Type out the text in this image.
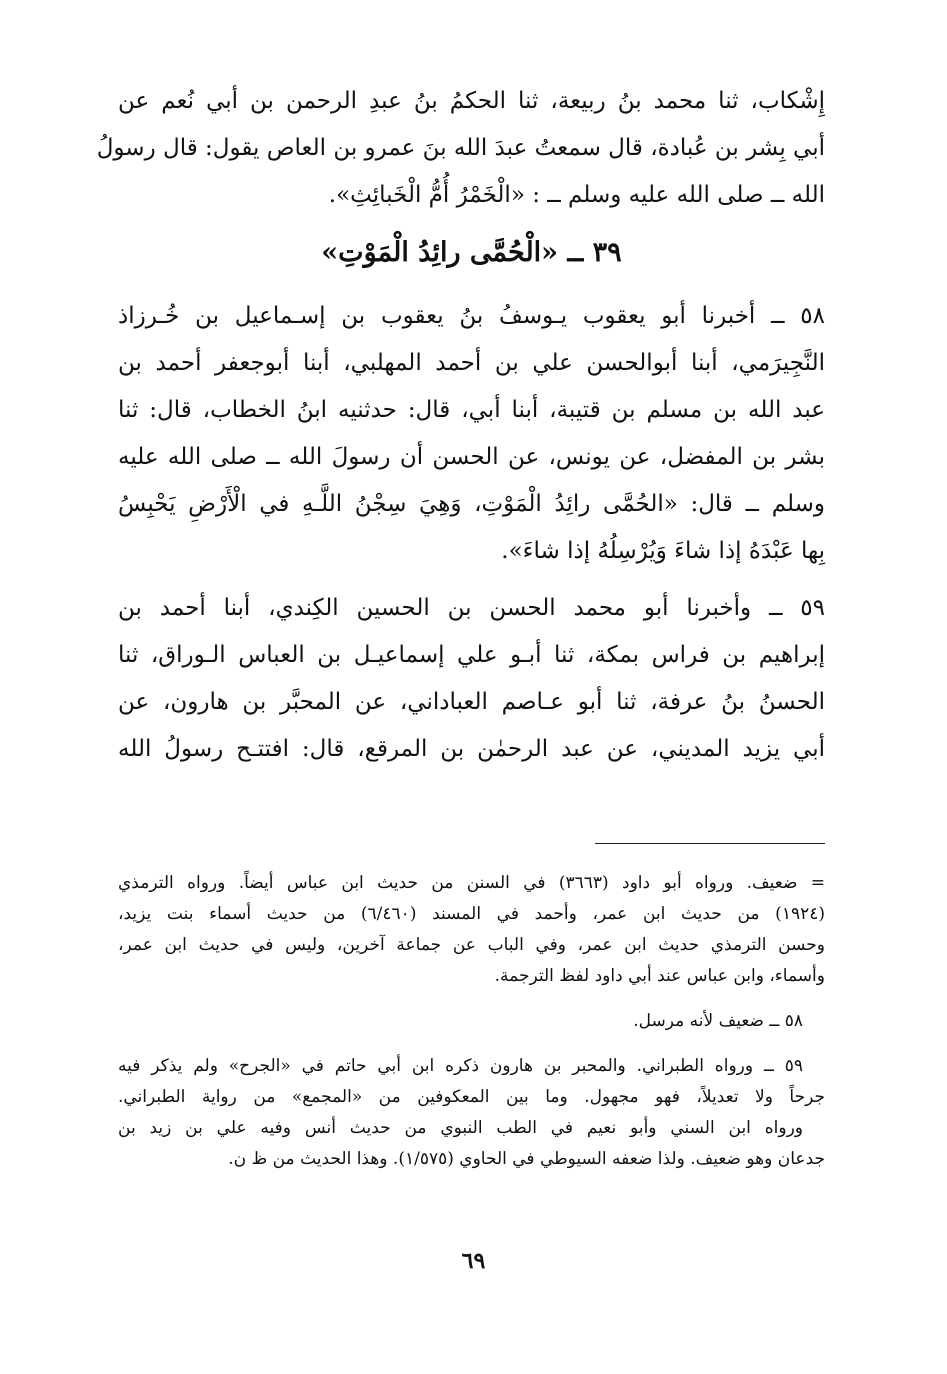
إِشْكاب، ثنا محمد بنُ ربيعة، ثنا الحكمُ بنُ عبدِ الرحمن بن أبي نُعم عن
أبي بِشر بن عُبادة، قال سمعتُ عبدَ الله بنَ عمرو بن العاص يقول: قال رسولُ
الله ــ صلى الله عليه وسلم ــ : «الْخَمْرُ أُمُّ الْخَبائِثِ».
٣٩ ــ «الْحُمَّى رائِدُ الْمَوْتِ»
٥٨ ــ أخبرنا أبو يعقوب يـوسفُ بنُ يعقوب بن إسـماعيل بن خُـرزاذ
النَّجِيرَمي، أبنا أبوالحسن علي بن أحمد المهلبي، أبنا أبوجعفر أحمد بن
عبد الله بن مسلم بن قتيبة، أبنا أبي، قال: حدثنيه ابنُ الخطاب، قال: ثنا
بشر بن المفضل، عن يونس، عن الحسن أن رسولَ الله ــ صلى الله عليه
وسلم ــ قال: «الحُمَّى رائِدُ الْمَوْتِ، وَهِيَ سِجْنُ اللَّـهِ في الْأَرْضِ يَحْبِسُ
بِها عَبْدَهُ إذا شاءَ وَيُرْسِلُهُ إذا شاءَ».
٥٩ ــ وأخبرنا أبو محمد الحسن بن الحسين الكِندي، أبنا أحمد بن
إبراهيم بن فراس بمكة، ثنا أبـو علي إسماعيـل بن العباس الـوراق، ثنا
الحسنُ بنُ عرفة، ثنا أبو عـاصم العباداني، عن المحبَّر بن هارون، عن
أبي يزيد المديني، عن عبد الرحمٰن بن المرقع، قال: افتتـح رسولُ الله
= ضعيف. ورواه أبو داود (٣٦٦٣) في السنن من حديث ابن عباس أيضاً. ورواه الترمذي
(١٩٢٤) من حديث ابن عمر، وأحمد في المسند (٦/٤٦٠) من حديث أسماء بنت يزيد،
وحسن الترمذي حديث ابن عمر، وفي الباب عن جماعة آخرين، وليس في حديث ابن عمر،
وأسماء، وابن عباس عند أبي داود لفظ الترجمة.
٥٨ ــ ضعيف لأنه مرسل.
٥٩ ــ ورواه الطبراني. والمحبر بن هارون ذكره ابن أبي حاتم في «الجرح» ولم يذكر فيه
جرحاً ولا تعديلاً، فهو مجهول. وما بين المعكوفين من «المجمع» من رواية الطبراني.
ورواه ابن السني وأبو نعيم في الطب النبوي من حديث أنس وفيه علي بن زيد بن
جدعان وهو ضعيف. ولذا ضعفه السيوطي في الحاوي (١/٥٧٥). وهذا الحديث من ظ ن.
٦٩
